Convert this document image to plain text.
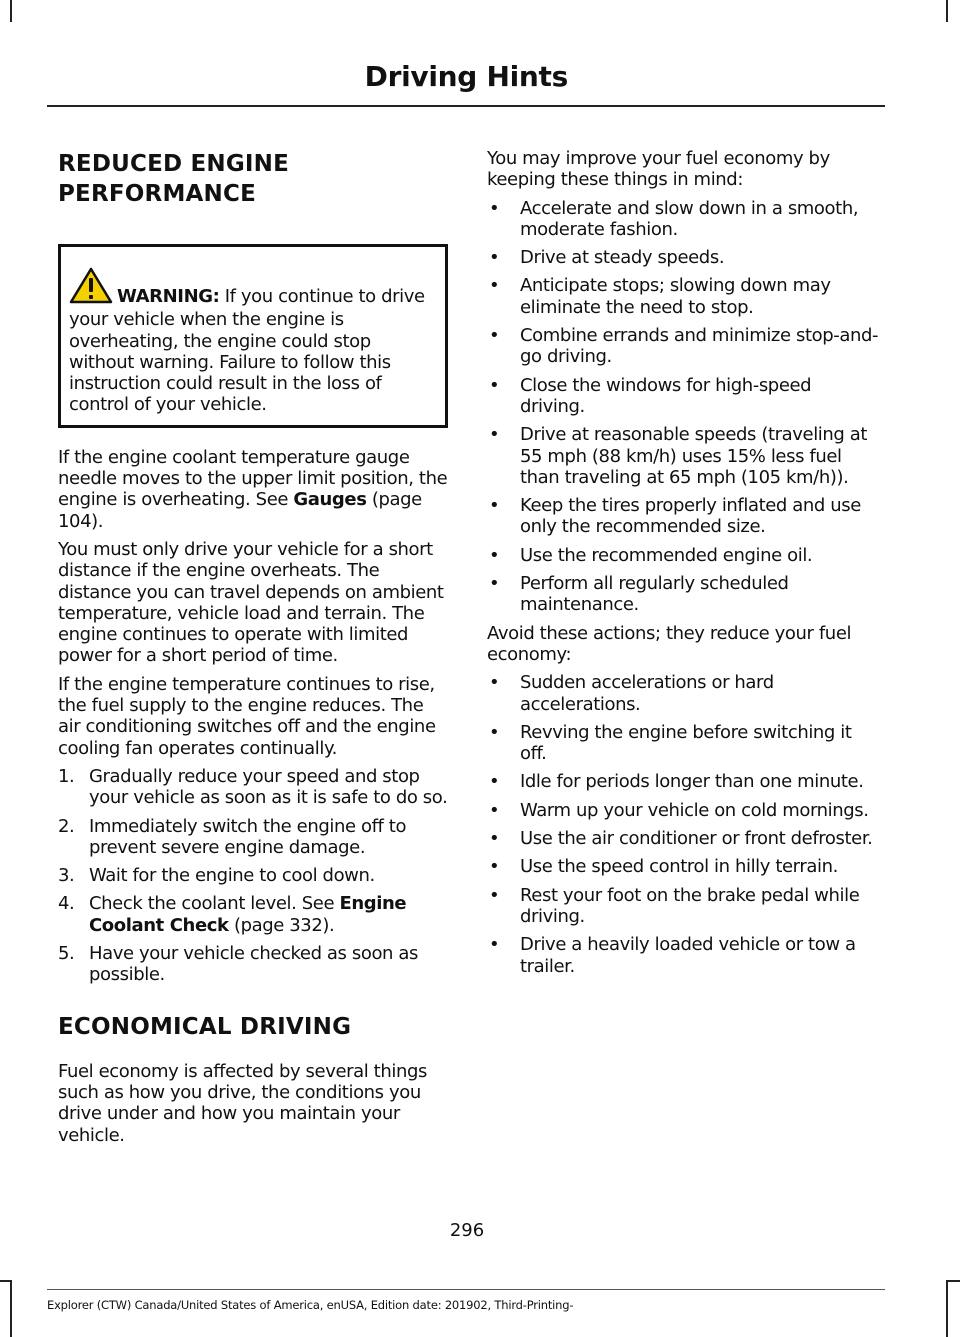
Driving Hints
REDUCED ENGINE
PERFORMANCE

WARNING: If you continue to drive your vehicle when the engine is overheating, the engine could stop without warning. Failure to follow this instruction could result in the loss of control of your vehicle.

If the engine coolant temperature gauge needle moves to the upper limit position, the engine is overheating. See Gauges (page 104).

You must only drive your vehicle for a short distance if the engine overheats. The distance you can travel depends on ambient temperature, vehicle load and terrain. The engine continues to operate with limited power for a short period of time.

If the engine temperature continues to rise, the fuel supply to the engine reduces. The air conditioning switches off and the engine cooling fan operates continually.

1. Gradually reduce your speed and stop your vehicle as soon as it is safe to do so.
2. Immediately switch the engine off to prevent severe engine damage.
3. Wait for the engine to cool down.
4. Check the coolant level. See Engine Coolant Check (page 332).
5. Have your vehicle checked as soon as possible.
ECONOMICAL DRIVING

Fuel economy is affected by several things such as how you drive, the conditions you drive under and how you maintain your vehicle.

You may improve your fuel economy by keeping these things in mind:

• Accelerate and slow down in a smooth, moderate fashion.
• Drive at steady speeds.
• Anticipate stops; slowing down may eliminate the need to stop.
• Combine errands and minimize stop-and-go driving.
• Close the windows for high-speed driving.
• Drive at reasonable speeds (traveling at 55 mph (88 km/h) uses 15% less fuel than traveling at 65 mph (105 km/h)).
• Keep the tires properly inflated and use only the recommended size.
• Use the recommended engine oil.
• Perform all regularly scheduled maintenance.

Avoid these actions; they reduce your fuel economy:

• Sudden accelerations or hard accelerations.
• Revving the engine before switching it off.
• Idle for periods longer than one minute.
• Warm up your vehicle on cold mornings.
• Use the air conditioner or front defroster.
• Use the speed control in hilly terrain.
• Rest your foot on the brake pedal while driving.
• Drive a heavily loaded vehicle or tow a trailer.
296
Explorer (CTW) Canada/United States of America, enUSA, Edition date: 201902, Third-Printing-
